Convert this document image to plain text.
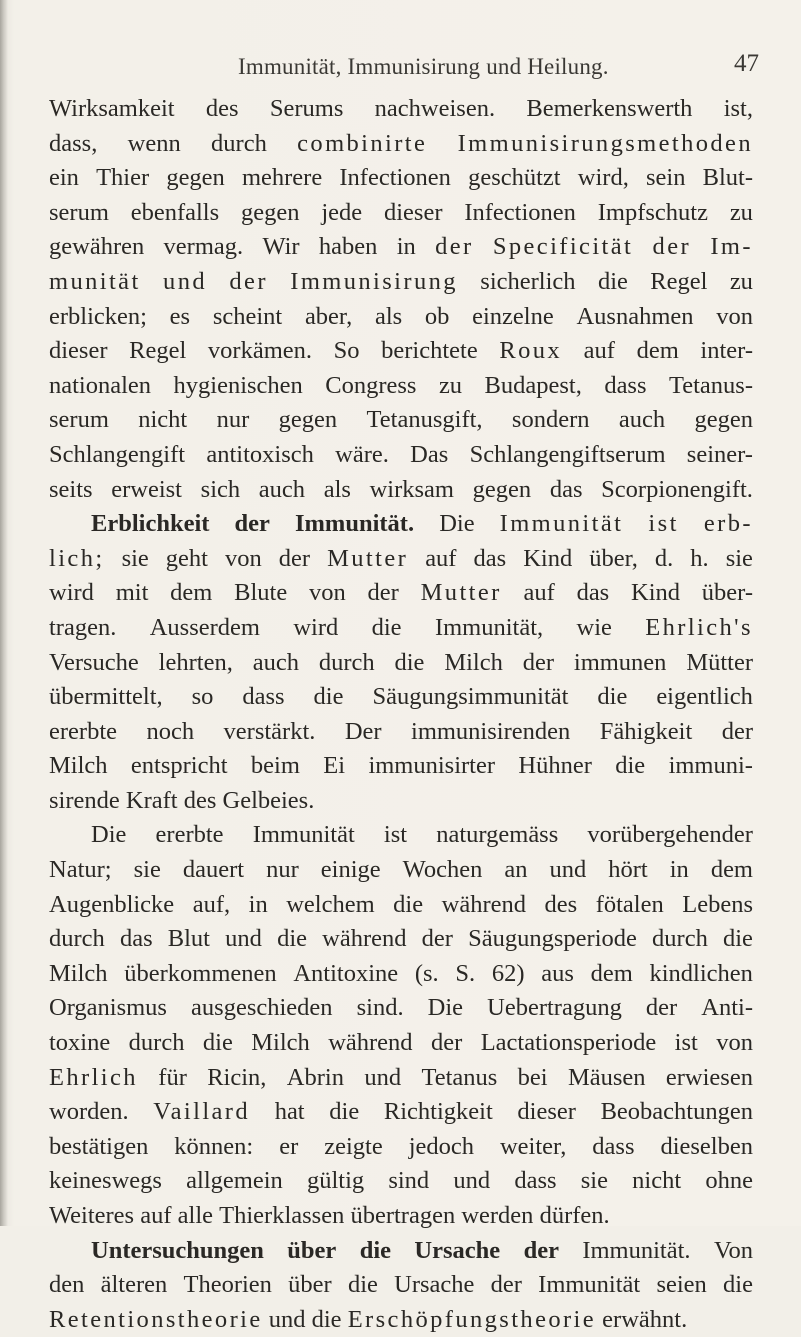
Immunität, Immunisirung und Heilung.	47
Wirksamkeit des Serums nachweisen. Bemerkenswerth ist,
dass, wenn durch combinirte Immunisirungsmethoden
ein Thier gegen mehrere Infectionen geschützt wird, sein Blut-
serum ebenfalls gegen jede dieser Infectionen Impfschutz zu
gewähren vermag. Wir haben in der Specificität der Im-
munität und der Immunisirung sicherlich die Regel zu
erblicken; es scheint aber, als ob einzelne Ausnahmen von
dieser Regel vorkämen. So berichtete Roux auf dem inter-
nationalen hygienischen Congress zu Budapest, dass Tetanus-
serum nicht nur gegen Tetanusgift, sondern auch gegen
Schlangengift antitoxisch wäre. Das Schlangengiftserum seiner-
seits erweist sich auch als wirksam gegen das Scorpionengift.
Erblichkeit der Immunität. Die Immunität ist erb-
lich; sie geht von der Mutter auf das Kind über, d. h. sie
wird mit dem Blute von der Mutter auf das Kind über-
tragen. Ausserdem wird die Immunität, wie Ehrlich's
Versuche lehrten, auch durch die Milch der immunen Mütter
übermittelt, so dass die Säugungsimmunität die eigentlich
ererbte noch verstärkt. Der immunisirenden Fähigkeit der
Milch entspricht beim Ei immunisirter Hühner die immuni-
sirende
Kraft
des
Gelbeies.
Die ererbte Immunität ist naturgemäss vorübergehender
Natur; sie dauert nur einige Wochen an und hört in dem
Augenblicke auf, in welchem die während des fötalen Lebens
durch das Blut und die während der Säugungsperiode durch die
Milch überkommenen Antitoxine (s. S. 62) aus dem kindlichen
Organismus ausgeschieden sind. Die Uebertragung der Anti-
toxine durch die Milch während der Lactationsperiode ist von
Ehrlich für Ricin, Abrin und Tetanus bei Mäusen erwiesen
worden. Vaillard hat die Richtigkeit dieser Beobachtungen
bestätigen können: er zeigte jedoch weiter, dass dieselben
keineswegs allgemein gültig sind und dass sie nicht ohne
Weiteres
auf
alle
Thierklassen
übertragen
werden
dürfen.
Untersuchungen über die Ursache der Immunität. Von
den älteren Theorien über die Ursache der Immunität seien die
Retentionstheorie
und
die
Erschöpfungstheorie
erwähnt.
